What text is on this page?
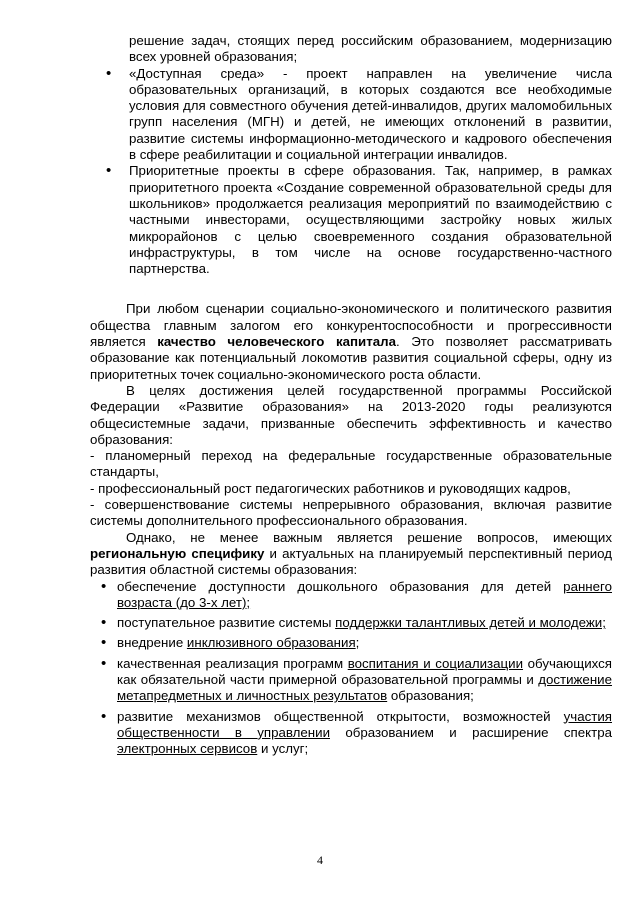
решение задач, стоящих перед российским образованием, модернизацию всех уровней образования;

• «Доступная среда» - проект направлен на увеличение числа образовательных организаций, в которых создаются все необходимые условия для совместного обучения детей-инвалидов, других маломобильных групп населения (МГН) и детей, не имеющих отклонений в развитии, развитие системы информационно-методического и кадрового обеспечения в сфере реабилитации и социальной интеграции инвалидов.
• Приоритетные проекты в сфере образования. Так, например, в рамках приоритетного проекта «Создание современной образовательной среды для школьников» продолжается реализация мероприятий по взаимодействию с частными инвесторами, осуществляющими застройку новых жилых микрорайонов с целью своевременного создания образовательной инфраструктуры, в том числе на основе государственно-частного партнерства.

При любом сценарии социально-экономического и политического развития общества главным залогом его конкурентоспособности и прогрессивности является качество человеческого капитала. Это позволяет рассматривать образование как потенциальный локомотив развития социальной сферы, одну из приоритетных точек социально-экономического роста области.

В целях достижения целей государственной программы Российской Федерации «Развитие образования» на 2013-2020 годы реализуются общесистемные задачи, призванные обеспечить эффективность и качество образования:

- планомерный переход на федеральные государственные образовательные стандарты,

- профессиональный рост педагогических работников и руководящих кадров,

- совершенствование системы непрерывного образования, включая развитие системы дополнительного профессионального образования.

Однако, не менее важным является решение вопросов, имеющих региональную специфику и актуальных на планируемый перспективный период развития областной системы образования:

• обеспечение доступности дошкольного образования для детей раннего возраста (до 3-х лет);
• поступательное развитие системы поддержки талантливых детей и молодежи;
• внедрение инклюзивного образования;
• качественная реализация программ воспитания и социализации обучающихся как обязательной части примерной образовательной программы и достижение метапредметных и личностных результатов образования;
• развитие механизмов общественной открытости, возможностей участия общественности в управлении образованием и расширение спектра электронных сервисов и услуг;
4
